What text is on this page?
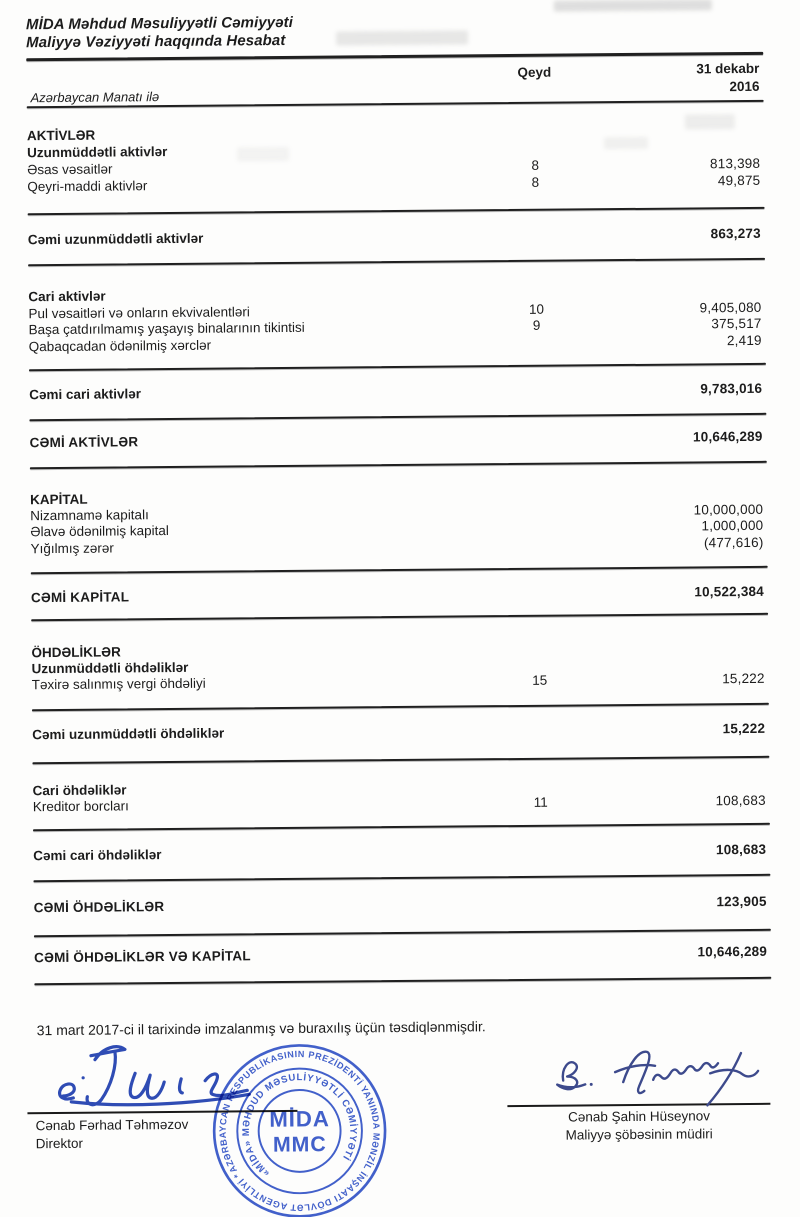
MİDA Məhdud Məsuliyyətli Cəmiyyəti
Maliyyə Vəziyyəti haqqında Hesabat
Qeyd	31 dekabr
2016
Azərbaycan Manatı ilə
AKTİVLƏR
Uzunmüddətli aktivlər
Əsas vəsaitlər	8	813,398
Qeyri-maddi aktivlər	8	49,875
Cəmi uzunmüddətli aktivlər	863,273
Cari aktivlər
Pul vəsaitləri və onların ekvivalentləri	10	9,405,080
Başa çatdırılmamış yaşayış binalarının tikintisi	9	375,517
Qabaqcadan ödənilmiş xərclər	2,419
Cəmi cari aktivlər	9,783,016
CƏMİ AKTİVLƏR	10,646,289
KAPİTAL
Nizamnamə kapitalı	10,000,000
Əlavə ödənilmiş kapital	1,000,000
Yığılmış zərər	(477,616)
CƏMİ KAPİTAL	10,522,384
ÖHDƏLİKLƏR
Uzunmüddətli öhdəliklər
Təxirə salınmış vergi öhdəliyi	15	15,222
Cəmi uzunmüddətli öhdəliklər	15,222
Cari öhdəliklər
Kreditor borcları	11	108,683
Cəmi cari öhdəliklər	108,683
CƏMİ ÖHDƏLİKLƏR	123,905
CƏMİ ÖHDƏLİKLƏR VƏ KAPİTAL	10,646,289
31 mart 2017-ci il tarixində imzalanmış və buraxılış üçün təsdiqlənmişdir.
Cənab Fərhad Təhməzov
Direktor
Cənab Şahin Hüseynov
Maliyyə şöbəsinin müdiri
AZƏRBAYCAN RESPUBLİKASININ PREZİDENTİ YANINDA MƏNZİL İNŞAATI DÖVLƏT AGENTLİYİ *	«MİDA» MƏHDUD MƏSULİYYƏTLİ CƏMİYYƏTİ
MİDA
MMC
